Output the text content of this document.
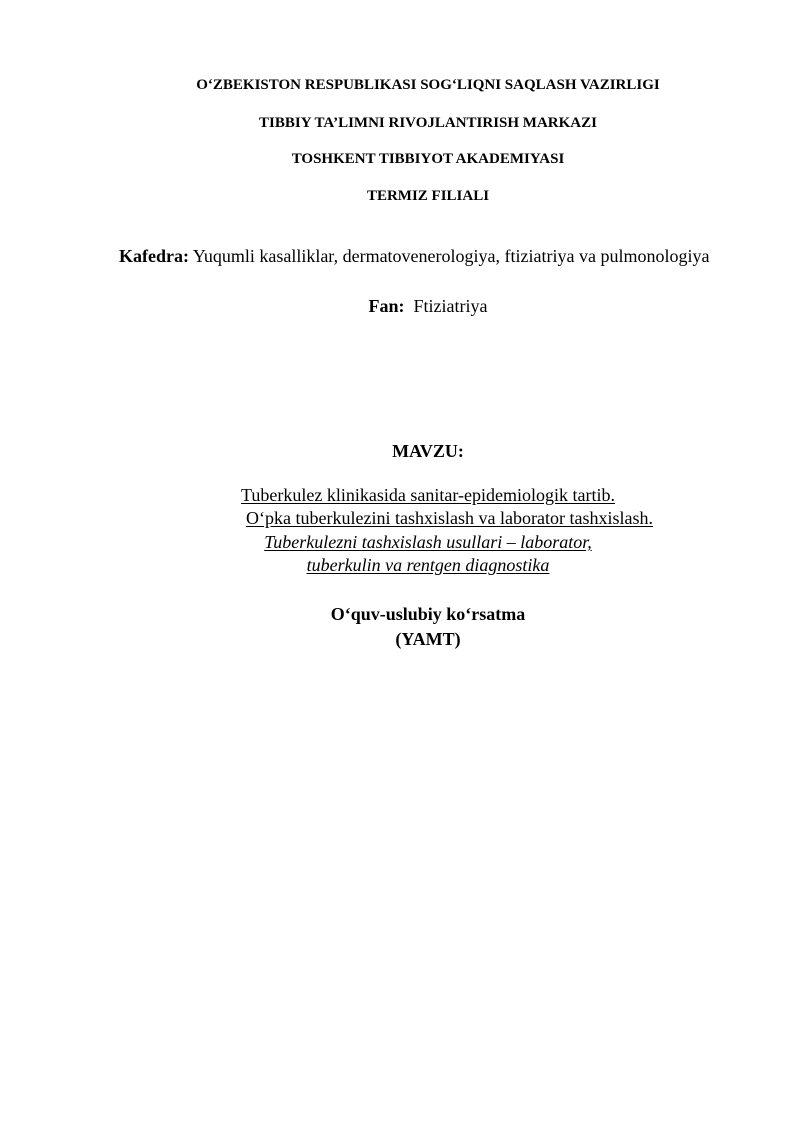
O‘ZBEKISTON RESPUBLIKASI SOG‘LIQNI SAQLASH VAZIRLIGI
TIBBIY TA’LIMNI RIVOJLANTIRISH MARKAZI
TOSHKENT TIBBIYOT AKADEMIYASI
TERMIZ FILIALI
Kafedra: Yuqumli kasalliklar, dermatovenerologiya, ftiziatriya va pulmonologiya
Fan: Ftiziatriya
MAVZU:
Tuberkulez klinikasida sanitar-epidemiologik tartib.
O‘pka tuberkulezini tashxislash va laborator tashxislash.
Tuberkulezni tashxislash usullari – laborator,
tuberkulin va rentgen diagnostika
O‘quv-uslubiy ko‘rsatma
(YAMT)
